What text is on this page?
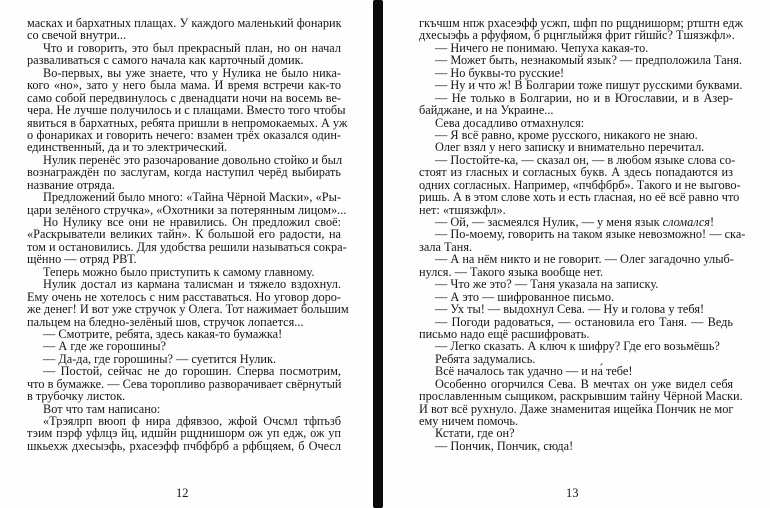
масках и бархатных плащах. У каждого маленький фонарик
со свечой внутри...
Что и говорить, это был прекрасный план, но он начал
разваливаться с самого начала как карточный домик.
Во-первых, вы уже знаете, что у Нулика не было ника-
кого «но», зато у него была мама. И время встречи как-то
само собой передвинулось с двенадцати ночи на восемь ве-
чера. Не лучше получилось и с плащами. Вместо того чтобы
явиться в бархатных, ребята пришли в непромокаемых. А уж
о фонариках и говорить нечего: взамен трёх оказался один-
единственный, да и то электрический.
Нулик перенёс это разочарование довольно стойко и был
вознаграждён по заслугам, когда наступил черёд выбирать
название отряда.
Предложений было много: «Тайна Чёрной Маски», «Ры-
цари зелёного стручка», «Охотники за потерянным лицом»...
Но Нулику все они не нравились. Он предложил своё:
«Раскрыватели великих тайн». К большой его радости, на
том и остановились. Для удобства решили называться сокра-
щённо — отряд РВТ.
Теперь можно было приступить к самому главному.
Нулик достал из кармана талисман и тяжело вздохнул.
Ему очень не хотелось с ним расставаться. Но уговор доро-
же денег! И вот уже стручок у Олега. Тот нажимает большим
пальцем на бледно-зелёный шов, стручок лопается...
— Смотрите, ребята, здесь какая-то бумажка!
— А где же горошины?
— Да-да, где горошины? — суетится Нулик.
— Постой, сейчас не до горошин. Сперва посмотрим,
что в бумажке. — Сева торопливо разворачивает свёрнутый
в трубочку листок.
Вот что там написано:
«Трэялрп вюоп ф нира дфявзоо, жфой Очсмл тфпъзб
тэим пэрф уфлцэ йц, идшйн рщднишорм ож уп едж, ож уп
шкьехж дхесыэфь, рхасеэфф пчбфбрб а рфбщяем, б Очесл
12
гкъчшм нпж рхасеэфф усжп, шфп по рщднишорм; ртштн едж
дхесыэфь а рфуфяом, б рцнглыйжя фрит гйшйс? Тшязжфл».
— Ничего не понимаю. Чепуха какая-то.
— Может быть, незнакомый язык? — предположила Таня.
— Но буквы-то русские!
— Ну и что ж! В Болгарии тоже пишут русскими буквами.
— Не только в Болгарии, но и в Югославии, и в Азер-
байджане, и на Украине...
Сева досадливо отмахнулся:
— Я всё равно, кроме русского, никакого не знаю.
Олег взял у него записку и внимательно перечитал.
— Постойте-ка, — сказал он, — в любом языке слова со-
стоят из гласных и согласных букв. А здесь попадаются из
одних согласных. Например, «пчбфбрб». Такого и не выгово-
ришь. А в этом слове хоть и есть гласная, но её всё равно что
нет: «тшязжфл».
— Ой, — засмеялся Нулик, — у меня язык сломался!
— По-моему, говорить на таком языке невозможно! — ска-
зала Таня.
— А на нём никто и не говорит. — Олег загадочно улыб-
нулся. — Такого языка вообще нет.
— Что же это? — Таня указала на записку.
— А это — шифрованное письмо.
— Ух ты! — выдохнул Сева. — Ну и голова у тебя!
— Погоди радоваться, — остановила его Таня. — Ведь
письмо надо ещё расшифровать.
— Легко сказать. А ключ к шифру? Где его возьмёшь?
Ребята задумались.
Всё началось так удачно — и на́ тебе!
Особенно огорчился Сева. В мечтах он уже видел себя
прославленным сыщиком, раскрывшим тайну Чёрной Маски.
И вот всё рухнуло. Даже знаменитая ищейка Пончик не мог
ему ничем помочь.
Кстати, где он?
— Пончик, Пончик, сюда!
13
